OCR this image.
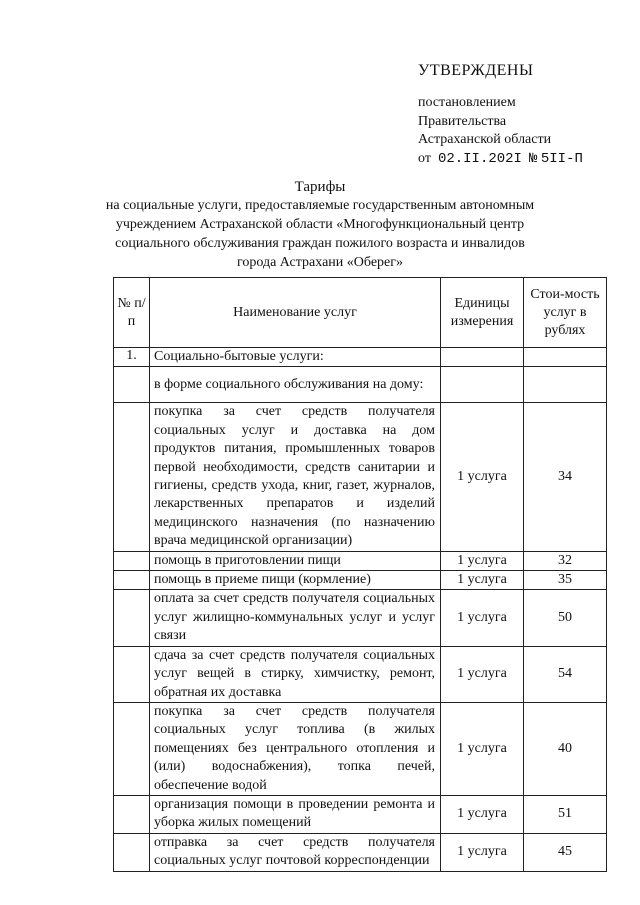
УТВЕРЖДЕНЫ
постановлением
Правительства
Астраханской области
от 02.II.202I № 5II-П
Тарифы
на социальные услуги, предоставляемые государственным автономным учреждением Астраханской области «Многофункциональный центр социального обслуживания граждан пожилого возраста и инвалидов города Астрахани «Оберег»
№ п/п	Наименование услуг	Единицы измерения	Стои-мость услуг в рублях
1.	Социально-бытовые услуги:		
	в форме социального обслуживания на дому:		
	покупка за счет средств получателя социальных услуг и доставка на дом продуктов питания, промышленных товаров первой необходимости, средств санитарии и гигиены, средств ухода, книг, газет, журналов, лекарственных препаратов и изделий медицинского назначения (по назначению врача медицинской организации)	1 услуга	34
	помощь в приготовлении пищи	1 услуга	32
	помощь в приеме пищи (кормление)	1 услуга	35
	оплата за счет средств получателя социальных услуг жилищно-коммунальных услуг и услуг связи	1 услуга	50
	сдача за счет средств получателя социальных услуг вещей в стирку, химчистку, ремонт, обратная их доставка	1 услуга	54
	покупка за счет средств получателя социальных услуг топлива (в жилых помещениях без центрального отопления и (или) водоснабжения), топка печей, обеспечение водой	1 услуга	40
	организация помощи в проведении ремонта и уборка жилых помещений	1 услуга	51
	отправка за счет средств получателя социальных услуг почтовой корреспонденции	1 услуга	45
